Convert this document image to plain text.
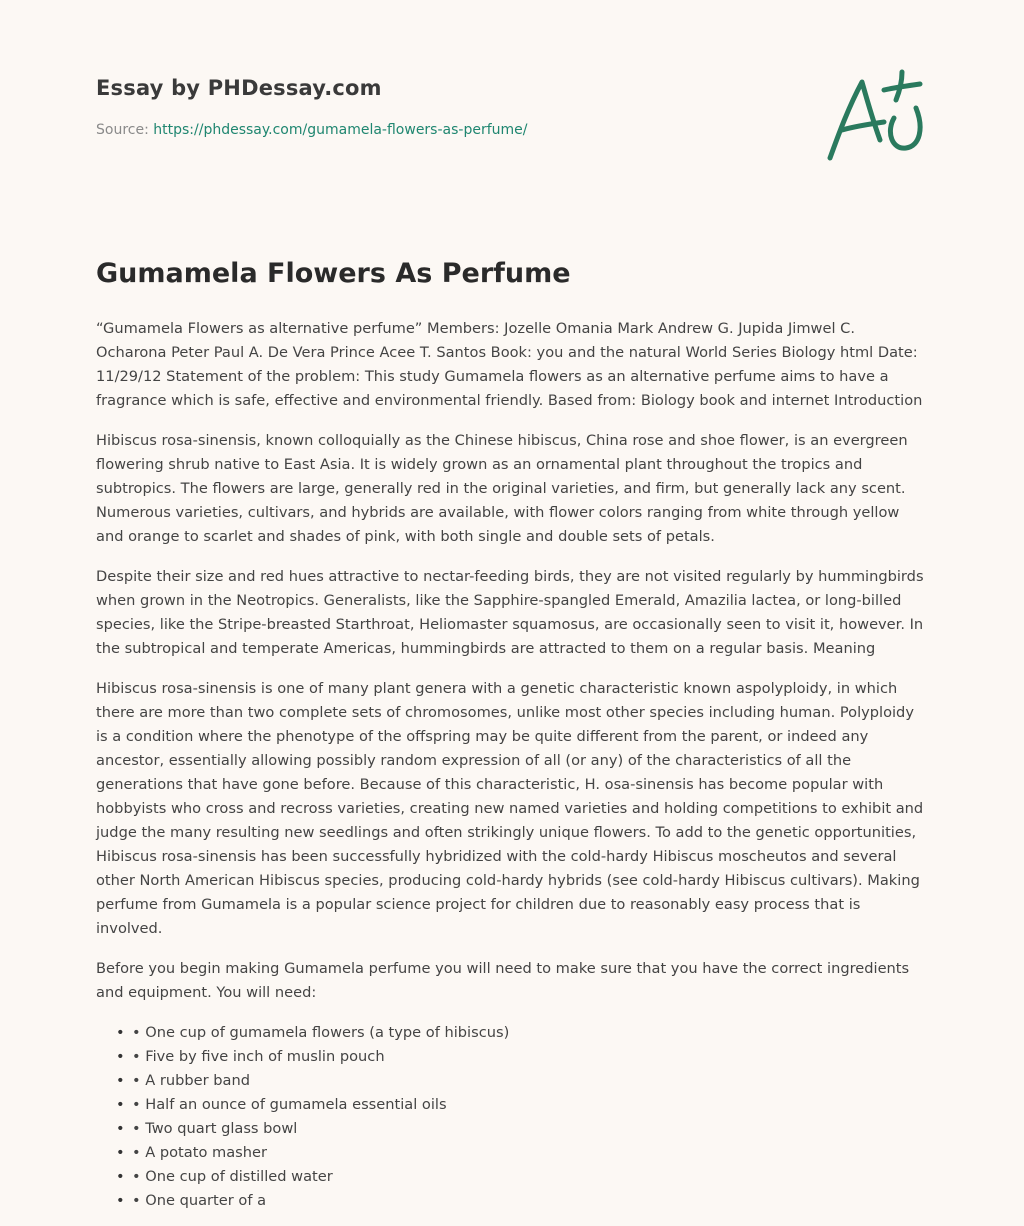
Essay by PHDessay.com
Source: https://phdessay.com/gumamela-flowers-as-perfume/
Gumamela Flowers As Perfume

“Gumamela Flowers as alternative perfume” Members: Jozelle Omania Mark Andrew G. Jupida Jimwel C. Ocharona Peter Paul A. De Vera Prince Acee T. Santos Book: you and the natural World Series Biology html Date: 11/29/12 Statement of the problem: This study Gumamela flowers as an alternative perfume aims to have a fragrance which is safe, effective and environmental friendly. Based from: Biology book and internet Introduction

Hibiscus rosa-sinensis, known colloquially as the Chinese hibiscus, China rose and shoe flower, is an evergreen flowering shrub native to East Asia. It is widely grown as an ornamental plant throughout the tropics and subtropics. The flowers are large, generally red in the original varieties, and firm, but generally lack any scent. Numerous varieties, cultivars, and hybrids are available, with flower colors ranging from white through yellow and orange to scarlet and shades of pink, with both single and double sets of petals.

Despite their size and red hues attractive to nectar-feeding birds, they are not visited regularly by hummingbirds when grown in the Neotropics. Generalists, like the Sapphire-spangled Emerald, Amazilia lactea, or long-billed species, like the Stripe-breasted Starthroat, Heliomaster squamosus, are occasionally seen to visit it, however. In the subtropical and temperate Americas, hummingbirds are attracted to them on a regular basis. Meaning

Hibiscus rosa-sinensis is one of many plant genera with a genetic characteristic known aspolyploidy, in which there are more than two complete sets of chromosomes, unlike most other species including human. Polyploidy is a condition where the phenotype of the offspring may be quite different from the parent, or indeed any ancestor, essentially allowing possibly random expression of all (or any) of the characteristics of all the generations that have gone before. Because of this characteristic, H. osa-sinensis has become popular with hobbyists who cross and recross varieties, creating new named varieties and holding competitions to exhibit and judge the many resulting new seedlings and often strikingly unique flowers. To add to the genetic opportunities, Hibiscus rosa-sinensis has been successfully hybridized with the cold-hardy Hibiscus moscheutos and several other North American Hibiscus species, producing cold-hardy hybrids (see cold-hardy Hibiscus cultivars). Making perfume from Gumamela is a popular science project for children due to reasonably easy process that is involved.

Before you begin making Gumamela perfume you will need to make sure that you have the correct ingredients and equipment. You will need:

• • One cup of gumamela flowers (a type of hibiscus)
• • Five by five inch of muslin pouch
• • A rubber band
• • Half an ounce of gumamela essential oils
• • Two quart glass bowl
• • A potato masher
• • One cup of distilled water
• • One quarter of a
